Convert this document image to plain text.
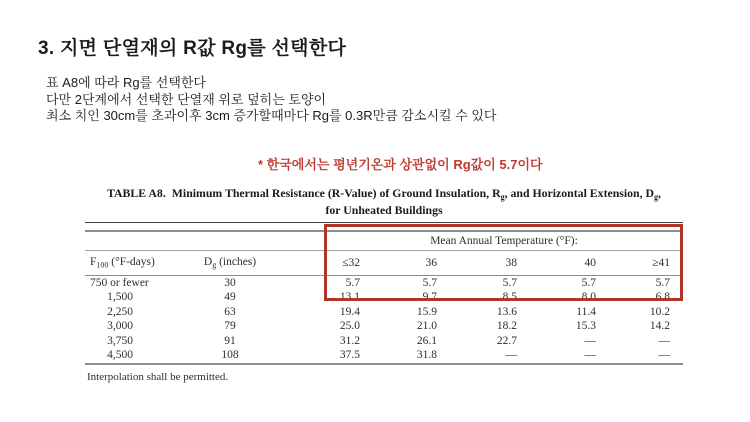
3. 지면 단열재의 R값 Rg를 선택한다
표 A8에 따라 Rg를 선택한다
다만 2단계에서 선택한 단열재 위로 덮히는 토양이
최소 치인 30cm를 초과이후 3cm 증가할때마다 Rg를 0.3R만큼 감소시킬 수 있다
* 한국에서는 평년기온과 상관없이 Rg값이 5.7이다
TABLE A8. Minimum Thermal Resistance (R-Value) of Ground Insulation, $R_g$, and Horizontal Extension, $D_g$,
for Unheated Buildings
Mean Annual Temperature (°F):
$F_{100}$ (°F-days)	$D_g$ (inches)	≤32	36	38	40	≥41
750 or fewer	30	5.7	5.7	5.7	5.7	5.7
1,500	49	13.1	9.7	8.5	8.0	6.8
2,250	63	19.4	15.9	13.6	11.4	10.2
3,000	79	25.0	21.0	18.2	15.3	14.2
3,750	91	31.2	26.1	22.7	—	—
4,500	108	37.5	31.8	—	—	—
Interpolation shall be permitted.
